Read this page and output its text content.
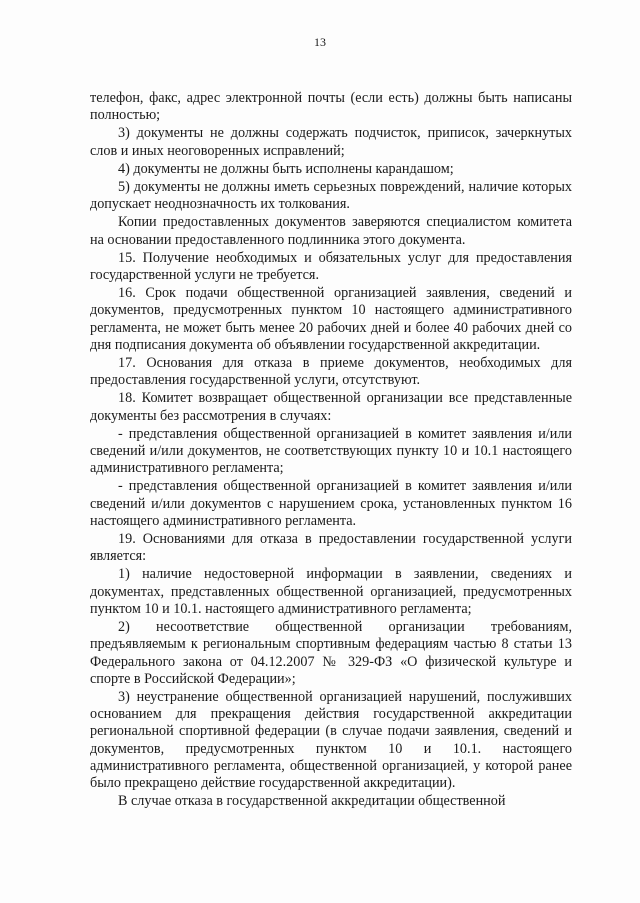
13

телефон, факс, адрес электронной почты (если есть) должны быть написаны полностью;

3) документы не должны содержать подчисток, приписок, зачеркнутых слов и иных неоговоренных исправлений;

4) документы не должны быть исполнены карандашом;

5) документы не должны иметь серьезных повреждений, наличие которых допускает неоднозначность их толкования.

Копии предоставленных документов заверяются специалистом комитета на основании предоставленного подлинника этого документа.

15. Получение необходимых и обязательных услуг для предоставления государственной услуги не требуется.

16. Срок подачи общественной организацией заявления, сведений и документов, предусмотренных пунктом 10 настоящего административного регламента, не может быть менее 20 рабочих дней и более 40 рабочих дней со дня подписания документа об объявлении государственной аккредитации.

17. Основания для отказа в приеме документов, необходимых для предоставления государственной услуги, отсутствуют.

18. Комитет возвращает общественной организации все представленные документы без рассмотрения в случаях:

- представления общественной организацией в комитет заявления и/или сведений и/или документов, не соответствующих пункту 10 и 10.1 настоящего административного регламента;

- представления общественной организацией в комитет заявления и/или сведений и/или документов с нарушением срока, установленных пунктом 16 настоящего административного регламента.

19. Основаниями для отказа в предоставлении государственной услуги является:

1) наличие недостоверной информации в заявлении, сведениях и документах, представленных общественной организацией, предусмотренных пунктом 10 и 10.1. настоящего административного регламента;

2) несоответствие общественной организации требованиям, предъявляемым к региональным спортивным федерациям частью 8 статьи 13 Федерального закона от 04.12.2007 № 329-ФЗ «О физической культуре и спорте в Российской Федерации»;

3) неустранение общественной организацией нарушений, послуживших основанием для прекращения действия государственной аккредитации региональной спортивной федерации (в случае подачи заявления, сведений и документов, предусмотренных пунктом 10 и 10.1. настоящего административного регламента, общественной организацией, у которой ранее было прекращено действие государственной аккредитации).

В случае отказа в государственной аккредитации общественной
